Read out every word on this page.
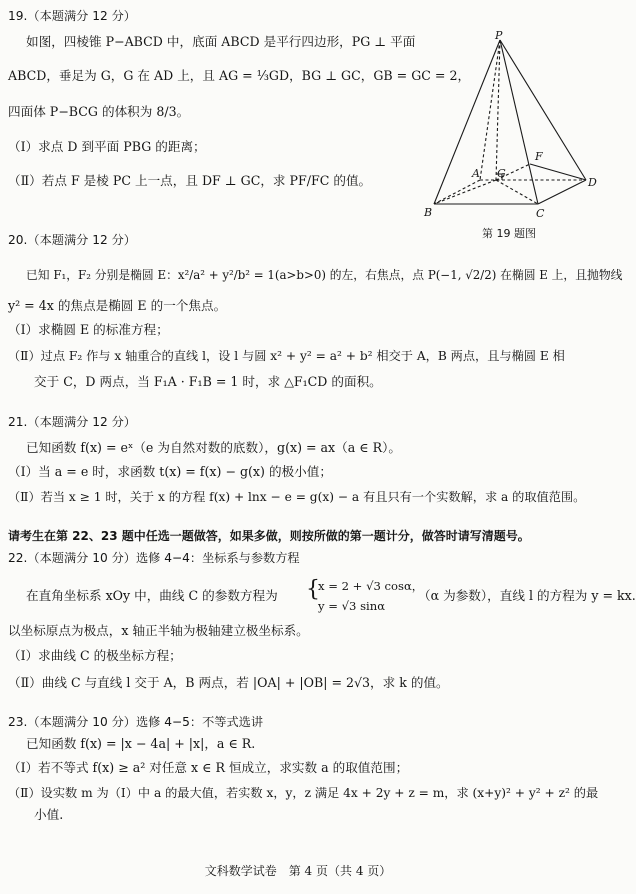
19.（本题满分 12 分）
如图，四棱锥 P−ABCD 中，底面 ABCD 是平行四边形，PG ⊥ 平面
ABCD，垂足为 G，G 在 AD 上，且 AG = ⅓GD，BG ⊥ GC，GB = GC = 2，
四面体 P−BCG 的体积为 8/3。
（Ⅰ）求点 D 到平面 PBG 的距离；
（Ⅱ）若点 F 是棱 PC 上一点，且 DF ⊥ GC，求 PF/FC 的值。
P
A G
D
F
B	C
第 19 题图
20.（本题满分 12 分）
已知 F₁，F₂ 分别是椭圆 E：x²/a² + y²/b² = 1(a>b>0) 的左，右焦点，点 P(−1, √2/2) 在椭圆 E 上，且抛物线
y² = 4x 的焦点是椭圆 E 的一个焦点。
（Ⅰ）求椭圆 E 的标准方程；
（Ⅱ）过点 F₂ 作与 x 轴重合的直线 l，设 l 与圆 x² + y² = a² + b² 相交于 A，B 两点，且与椭圆 E 相
交于 C，D 两点，当 F₁A · F₁B = 1 时，求 △F₁CD 的面积。
21.（本题满分 12 分）
已知函数 f(x) = eˣ（e 为自然对数的底数），g(x) = ax（a ∈ R）。
（Ⅰ）当 a = e 时，求函数 t(x) = f(x) − g(x) 的极小值；
（Ⅱ）若当 x ≥ 1 时，关于 x 的方程 f(x) + lnx − e = g(x) − a 有且只有一个实数解，求 a 的取值范围。
请考生在第 22、23 题中任选一题做答，如果多做，则按所做的第一题计分，做答时请写清题号。
22.（本题满分 10 分）选修 4−4：坐标系与参数方程
在直角坐标系 xOy 中，曲线 C 的参数方程为 {
x = 2 + √3 cosα，
y = √3 sinα
（α 为参数），直线 l 的方程为 y = kx.
以坐标原点为极点，x 轴正半轴为极轴建立极坐标系。
（Ⅰ）求曲线 C 的极坐标方程；
（Ⅱ）曲线 C 与直线 l 交于 A，B 两点，若 |OA| + |OB| = 2√3，求 k 的值。
23.（本题满分 10 分）选修 4−5：不等式选讲
已知函数 f(x) = |x − 4a| + |x|，a ∈ R.
（Ⅰ）若不等式 f(x) ≥ a² 对任意 x ∈ R 恒成立，求实数 a 的取值范围；
（Ⅱ）设实数 m 为（Ⅰ）中 a 的最大值，若实数 x，y，z 满足 4x + 2y + z = m，求 (x+y)² + y² + z² 的最
小值.
文科数学试卷　第 4 页（共 4 页）
